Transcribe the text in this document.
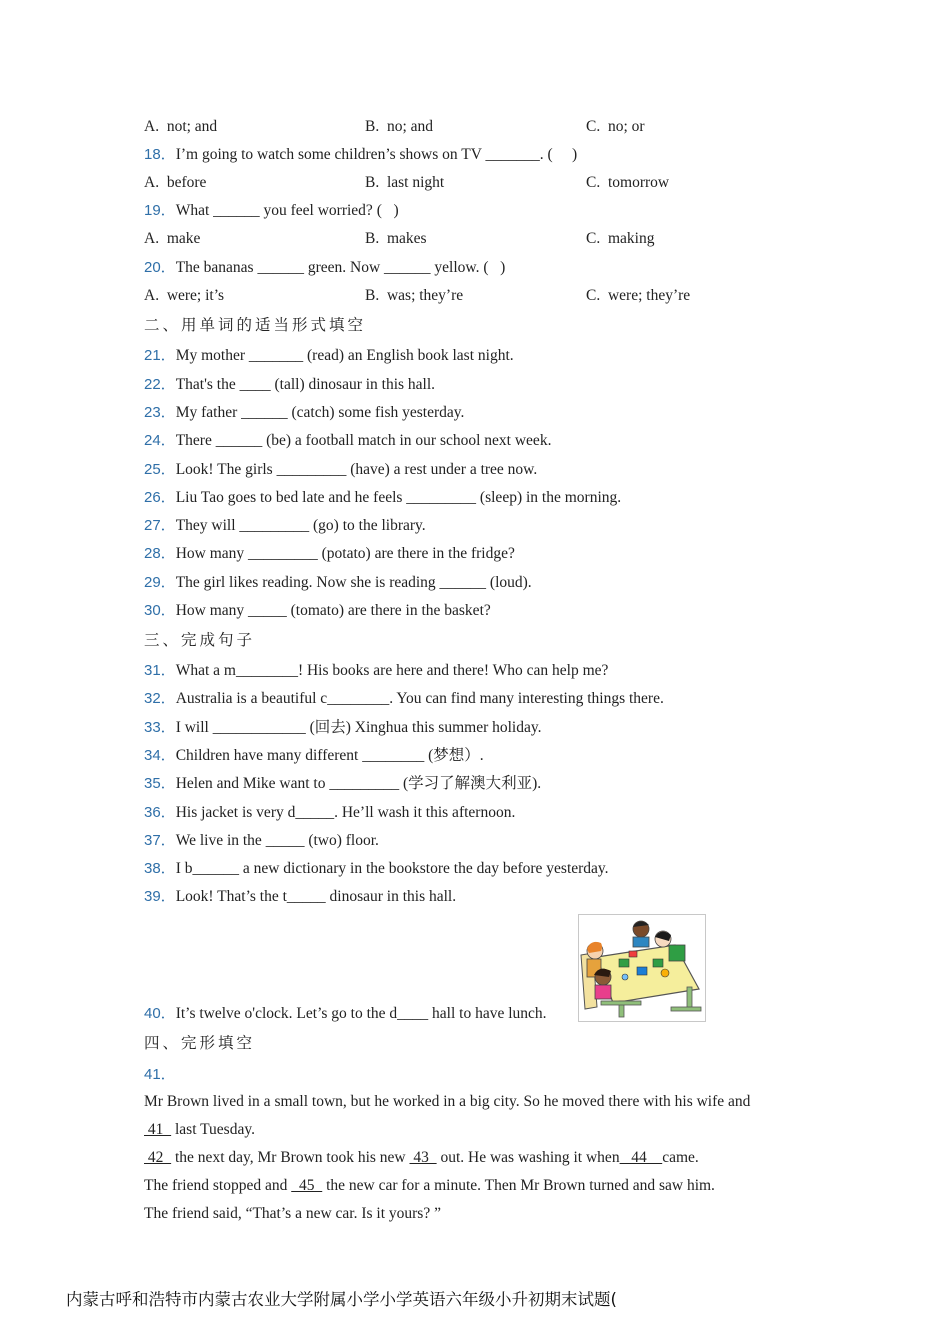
A.  not; and	B.  no; and	C.  no; or
18．I’m going to watch some children’s shows on TV _______. (     )
A.  before	B.  last night	C.  tomorrow
19．What ______ you feel worried? (   )
A.  make	B.  makes	C.  making
20．The bananas ______ green. Now ______ yellow. (   )
A.  were; it’s	B.  was; they’re	C.  were; they’re
二、用单词的适当形式填空
21．My mother _______ (read) an English book last night.
22．That's the ____ (tall) dinosaur in this hall.
23．My father ______ (catch) some fish yesterday.
24．There ______ (be) a football match in our school next week.
25．Look! The girls _________ (have) a rest under a tree now.
26．Liu Tao goes to bed late and he feels _________ (sleep) in the morning.
27．They will _________ (go) to the library.
28．How many _________ (potato) are there in the fridge?
29．The girl likes reading. Now she is reading ______ (loud).
30．How many _____ (tomato) are there in the basket?
三、完成句子
31．What a m________! His books are here and there! Who can help me?
32．Australia is a beautiful c________. You can find many interesting things there.
33．I will ____________ (回去) Xinghua this summer holiday.
34．Children have many different ________ (梦想）.
35．Helen and Mike want to _________ (学习了解澳大利亚).
36．His jacket is very d_____. He’ll wash it this afternoon.
37．We live in the _____ (two) floor.
38．I b______ a new dictionary in the bookstore the day before yesterday.
39．Look! That’s the t_____ dinosaur in this hall.
40．It’s twelve o'clock. Let’s go to the d____ hall to have lunch.
四、完形填空
41．
Mr Brown lived in a small town, but he worked in a big city. So he moved there with his wife and
41   last Tuesday.
42   the next day, Mr Brown took his new  43   out. He was washing it when   44    came.
The friend stopped and   45   the new car for a minute. Then Mr Brown turned and saw him.
The friend said, “That’s a new car. Is it yours? ”
内蒙古呼和浩特市内蒙古农业大学附属小学小学英语六年级小升初期末试题(
